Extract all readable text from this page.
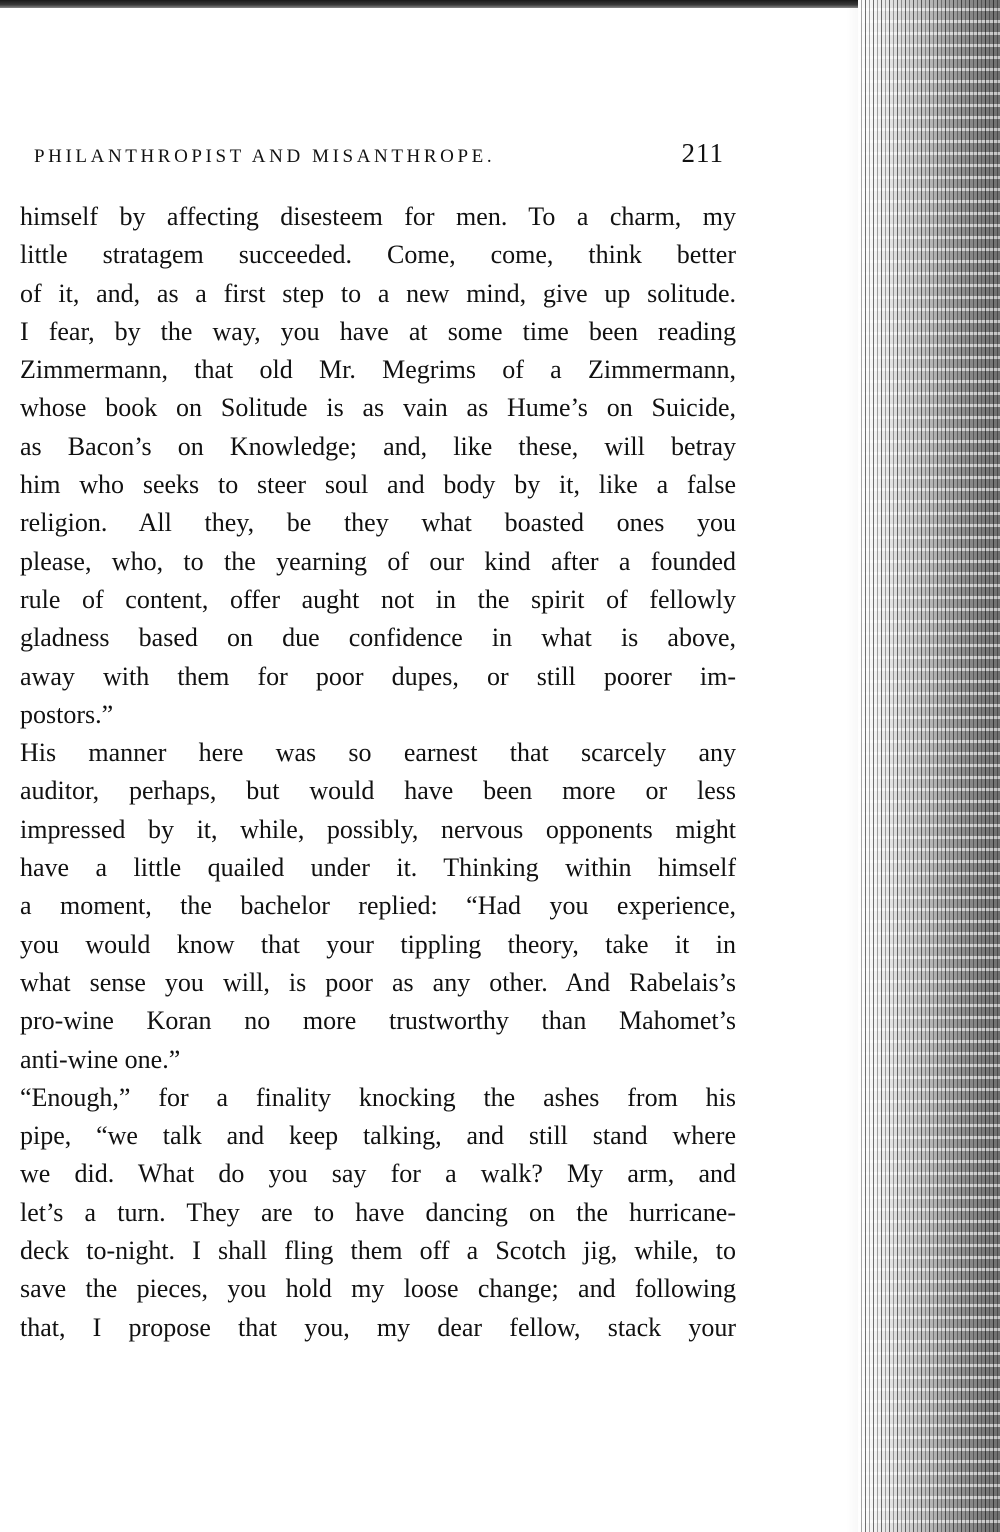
PHILANTHROPIST AND MISANTHROPE.	211
himself by affecting disesteem for men. To a charm, my
little stratagem succeeded. Come, come, think better
of it, and, as a first step to a new mind, give up solitude.
I fear, by the way, you have at some time been reading
Zimmermann, that old Mr. Megrims of a Zimmermann,
whose book on Solitude is as vain as Hume’s on Suicide,
as Bacon’s on Knowledge; and, like these, will betray
him who seeks to steer soul and body by it, like a false
religion. All they, be they what boasted ones you
please, who, to the yearning of our kind after a founded
rule of content, offer aught not in the spirit of fellowly
gladness based on due confidence in what is above,
away with them for poor dupes, or still poorer im-
postors.”
His manner here was so earnest that scarcely any
auditor, perhaps, but would have been more or less
impressed by it, while, possibly, nervous opponents might
have a little quailed under it. Thinking within himself
a moment, the bachelor replied: “Had you experience,
you would know that your tippling theory, take it in
what sense you will, is poor as any other. And Rabelais’s
pro-wine Koran no more trustworthy than Mahomet’s
anti-wine one.”
“Enough,” for a finality knocking the ashes from his
pipe, “we talk and keep talking, and still stand where
we did. What do you say for a walk? My arm, and
let’s a turn. They are to have dancing on the hurricane-
deck to-night. I shall fling them off a Scotch jig, while, to
save the pieces, you hold my loose change; and following
that, I propose that you, my dear fellow, stack your
